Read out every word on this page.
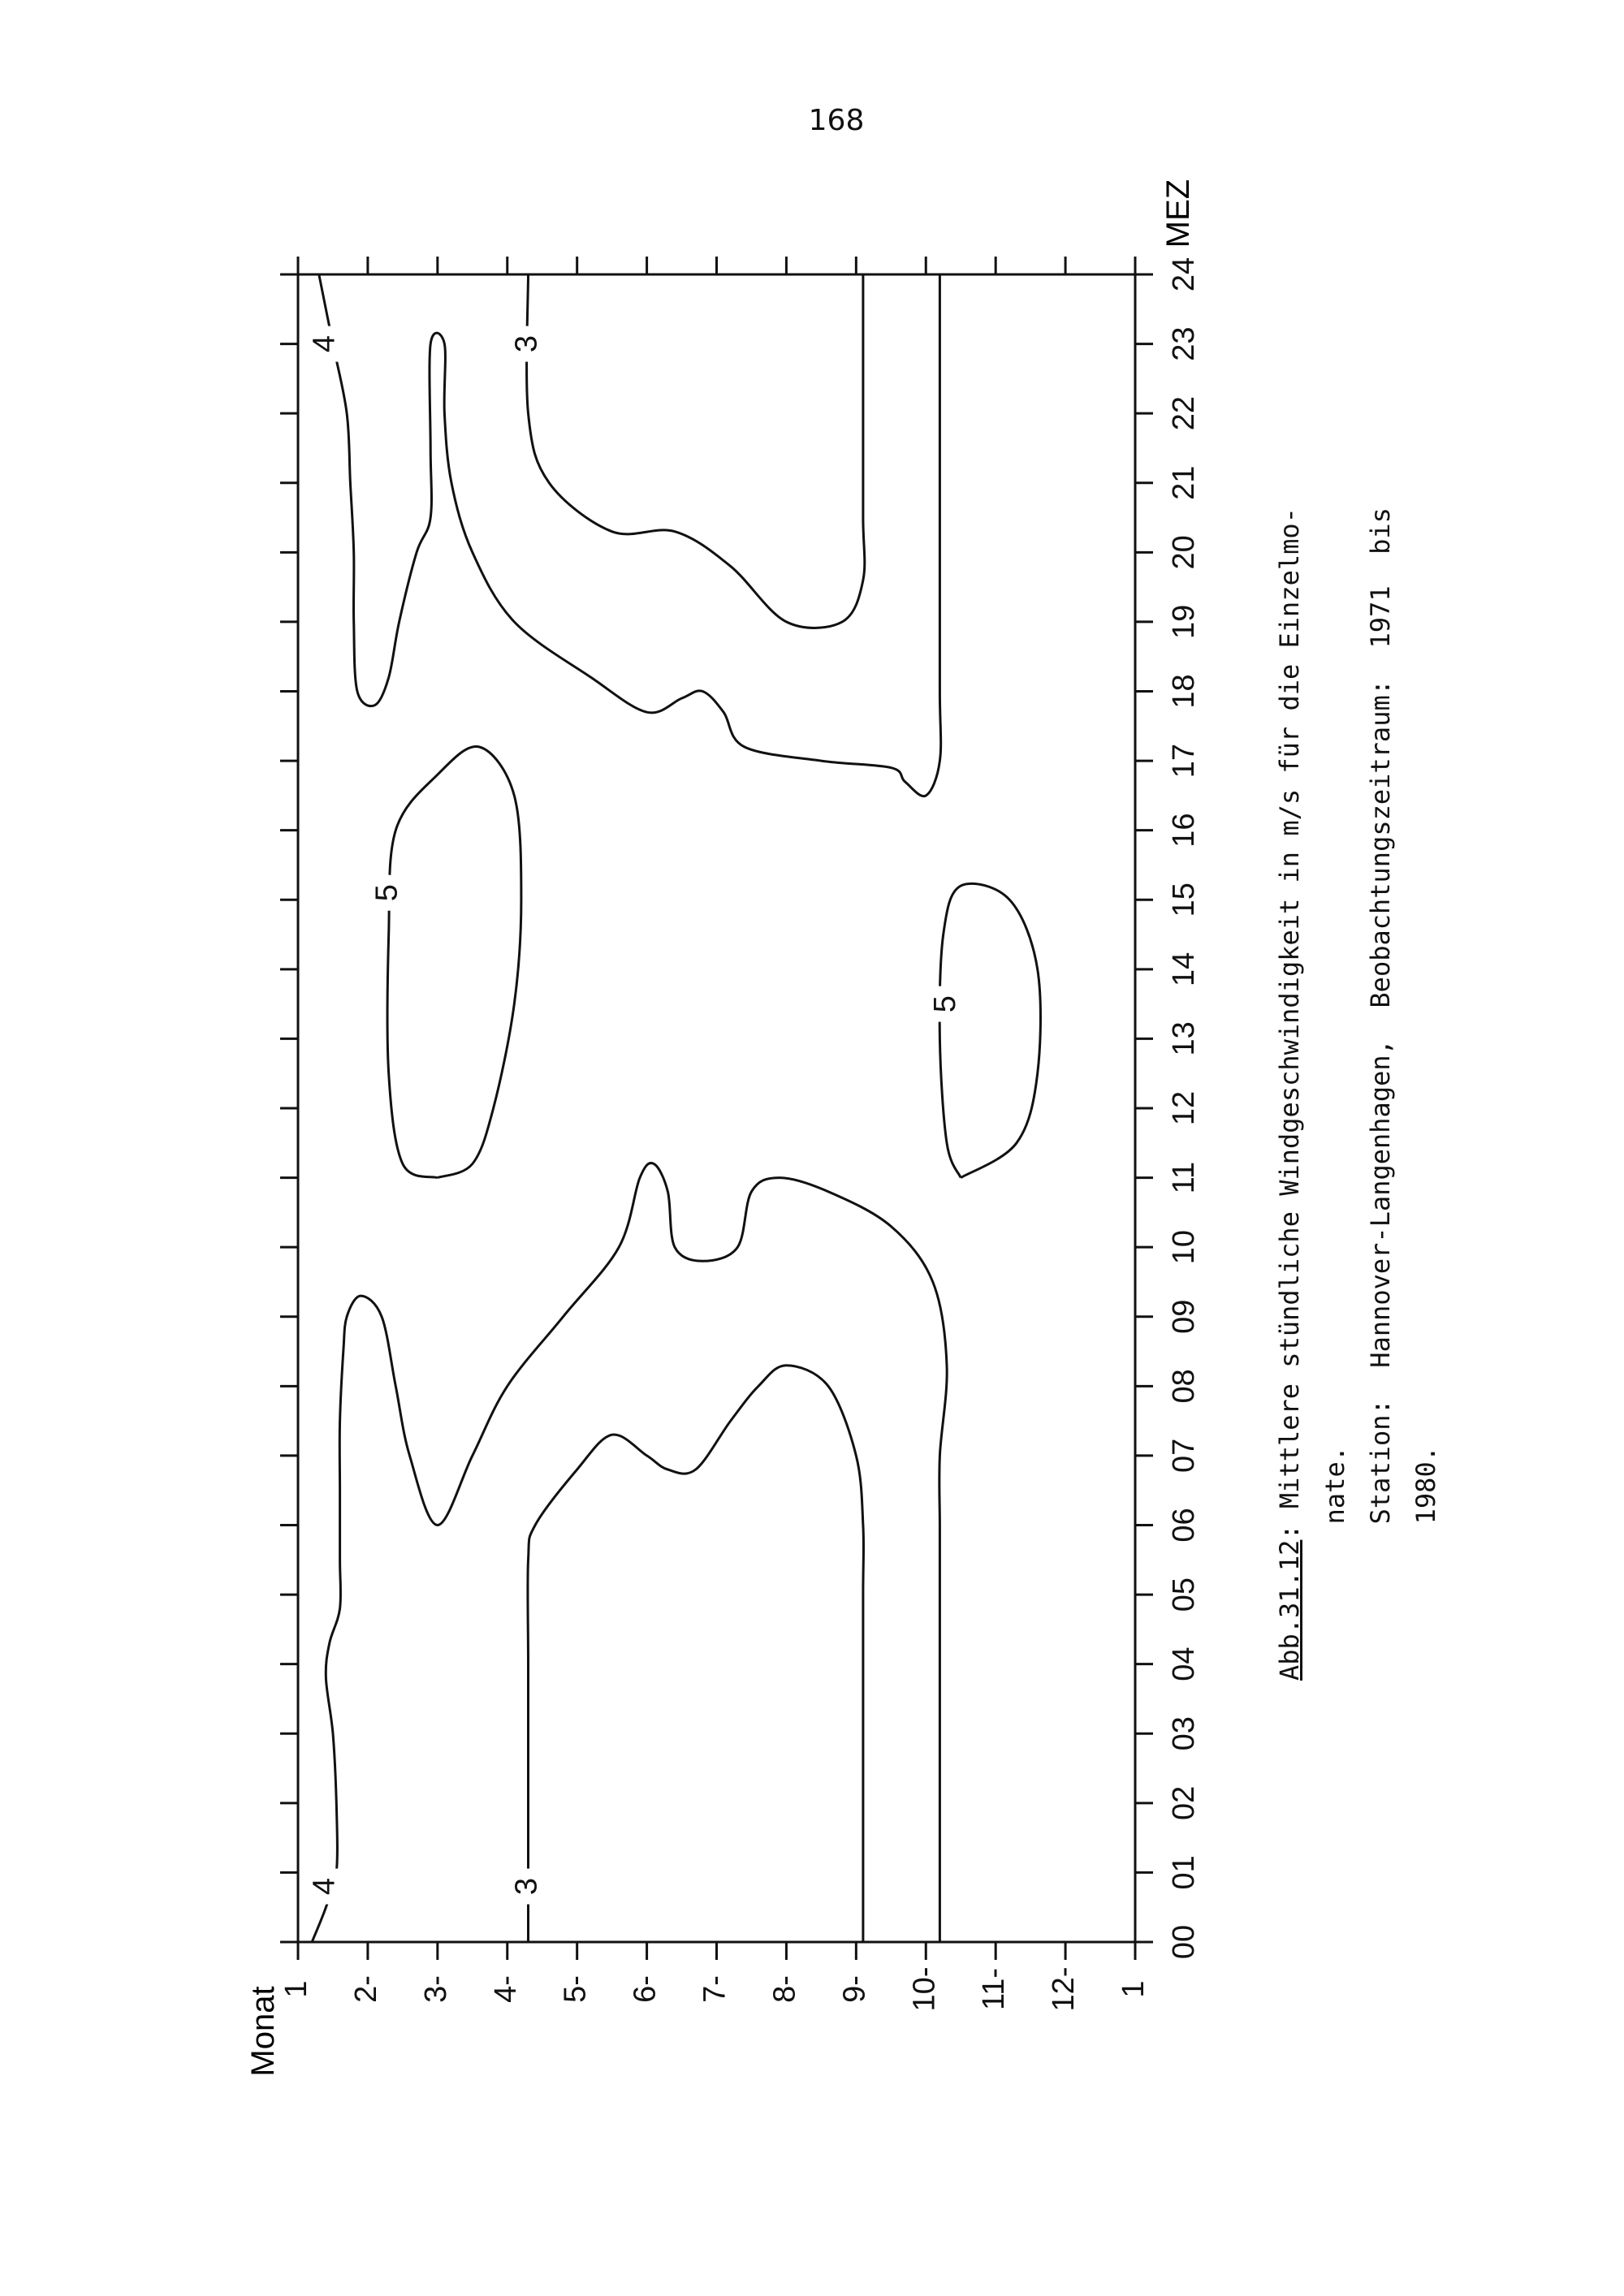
168
00
01
02
03
04
05
06
07
08
09
10
11
12
13
14
15
16
17
18
19
20
21
22
23
24
1 2- 3- 4- 5- 6- 7- 8- 9- 10- 11- 12- 1
4
4
3
3
5
5
MEZ
Monat
Abb.31.12: Mittlere stündliche Windgeschwindigkeit in m/s für die Einzelmo- nate. Station:  Hannover-Langenhagen,  Beobachtungszeitraum:  1971  bis 1980.
